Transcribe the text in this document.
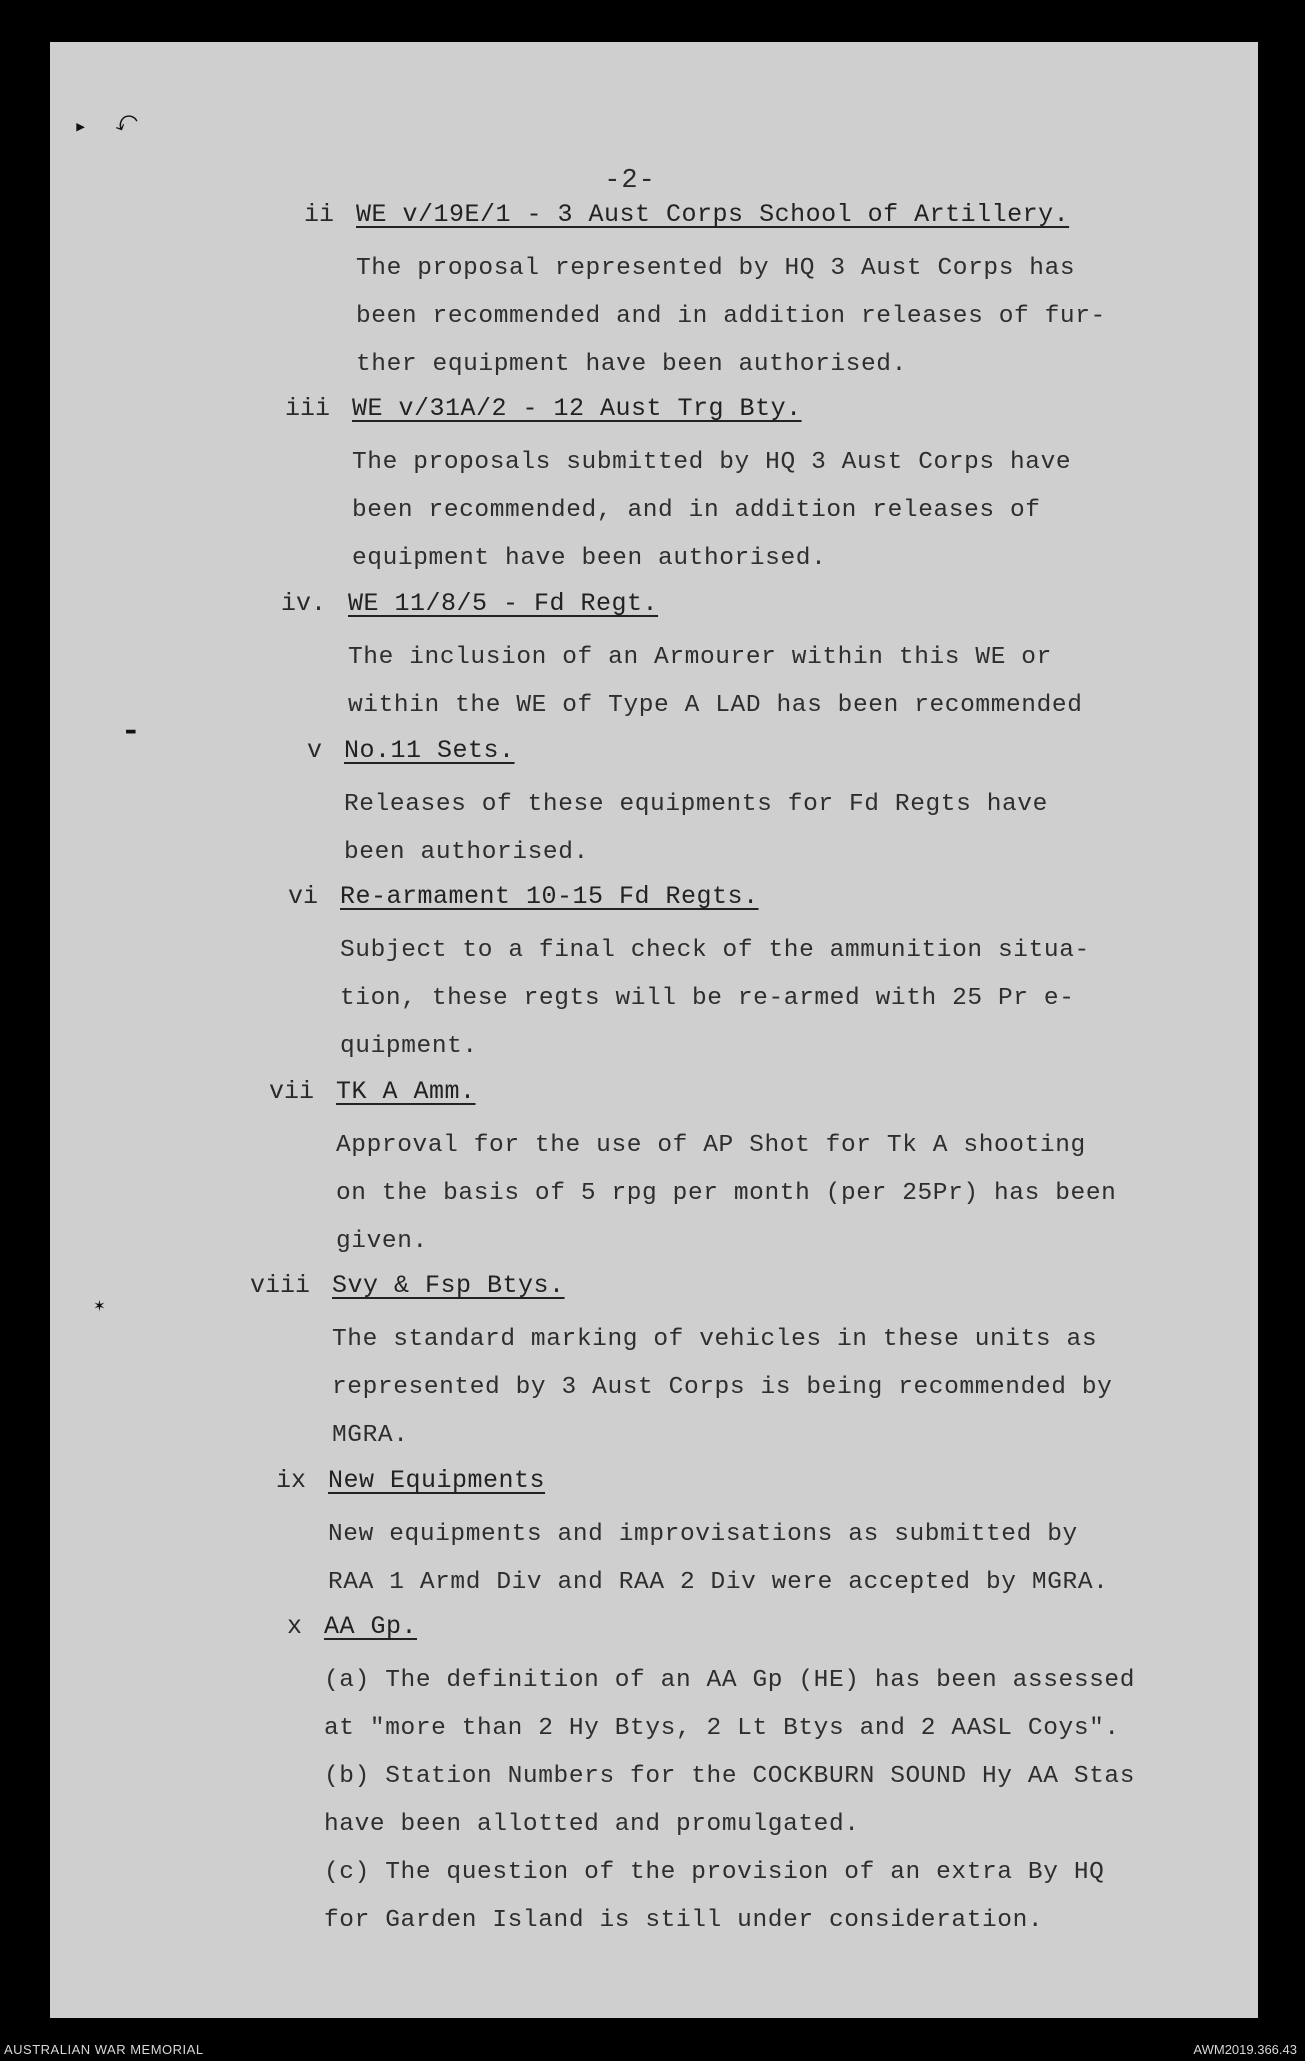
▸ ⤺
▬
✶
-2-
ii WE v/19E/1 - 3 Aust Corps School of Artillery.
The proposal represented by HQ 3 Aust Corps has
been recommended and in addition releases of fur-
ther equipment have been authorised.
iii WE v/31A/2 - 12 Aust Trg Bty.
The proposals submitted by HQ 3 Aust Corps have
been recommended, and in addition releases of
equipment have been authorised.
iv. WE 11/8/5 - Fd Regt.
The inclusion of an Armourer within this WE or
within the WE of Type A LAD has been recommended
v No.11 Sets.
Releases of these equipments for Fd Regts have
been authorised.
vi Re-armament 10-15 Fd Regts.
Subject to a final check of the ammunition situa-
tion, these regts will be re-armed with 25 Pr e-
quipment.
vii TK A Amm.
Approval for the use of AP Shot for Tk A shooting
on the basis of 5 rpg per month (per 25Pr) has been
given.
viii Svy & Fsp Btys.
The standard marking of vehicles in these units as
represented by 3 Aust Corps is being recommended by
MGRA.
ix New Equipments
New equipments and improvisations as submitted by
RAA 1 Armd Div and RAA 2 Div were accepted by MGRA.
x AA Gp.
(a) The definition of an AA Gp (HE) has been assessed
at "more than 2 Hy Btys, 2 Lt Btys and 2 AASL Coys".
(b) Station Numbers for the COCKBURN SOUND Hy AA Stas
have been allotted and promulgated.
(c) The question of the provision of an extra By HQ
for Garden Island is still under consideration.
AUSTRALIAN WAR MEMORIAL	AWM2019.366.43
